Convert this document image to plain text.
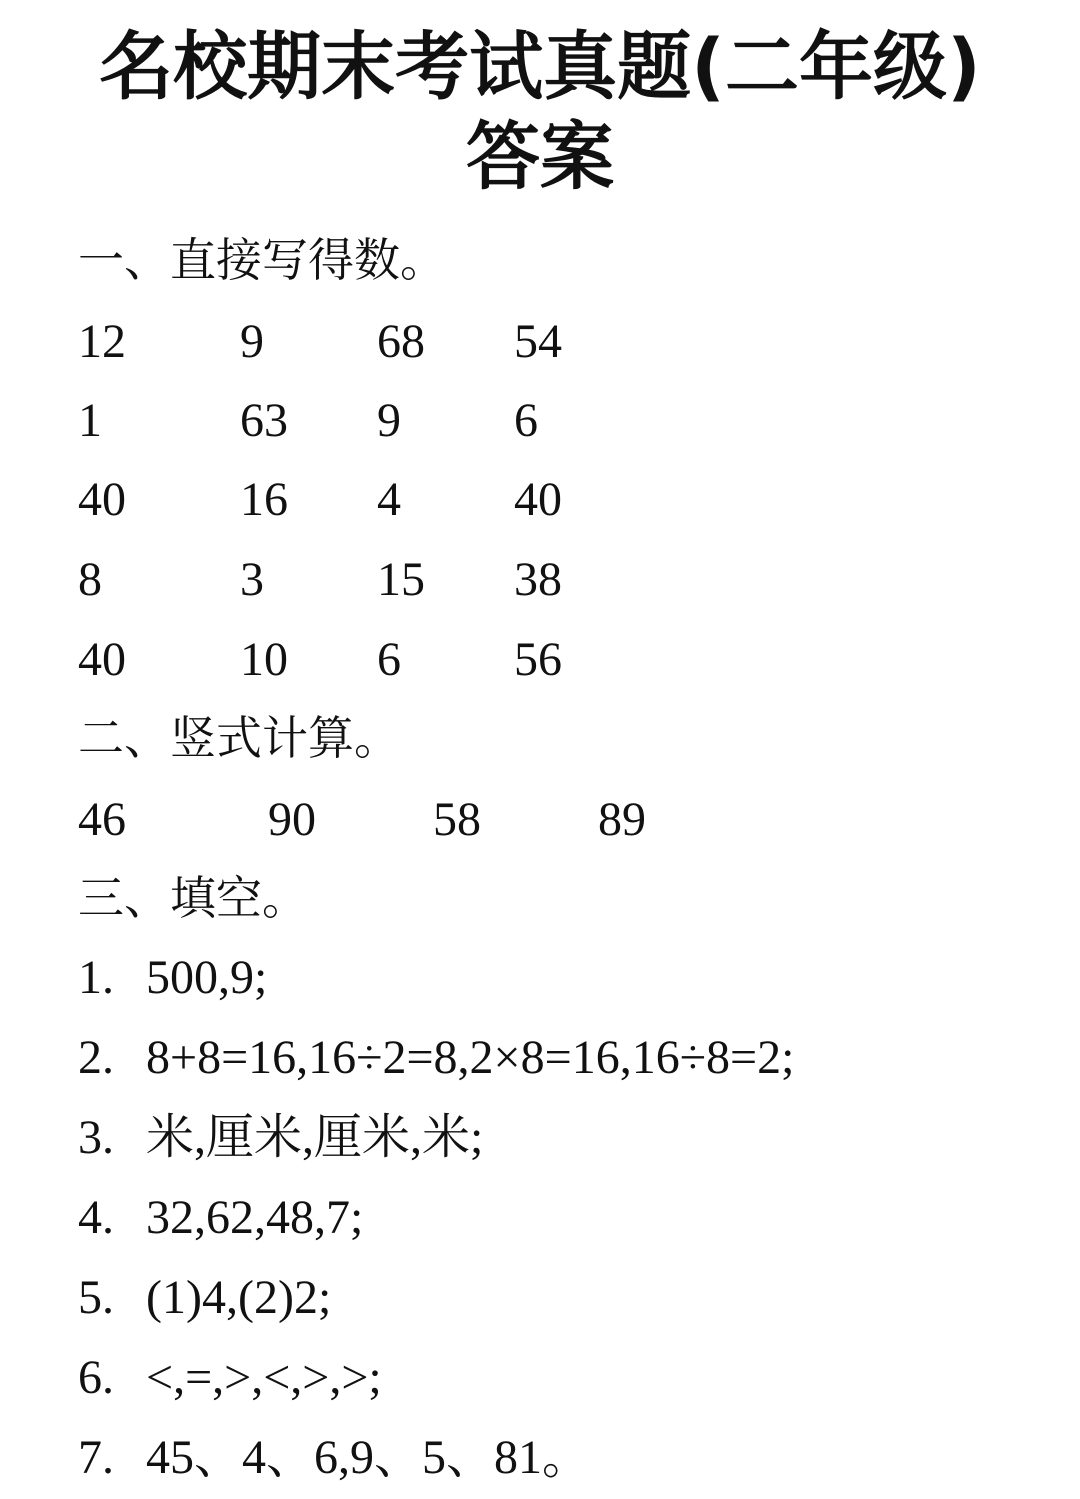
名校期末考试真题(二年级)
答案
一、直接写得数。
12 9 68 54
1	63 9 6
40 16 4 40
8	3 15 38
40 10 6 56
二、竖式计算。
46	90 58 89
三、填空。
1. 500,9;
2. 8+8=16,16÷2=8,2×8=16,16÷8=2;
3. 米,厘米,厘米,米;
4. 32,62,48,7;
5. (1)4,(2)2;
6. <,=,>,<,>,>;
7. 45、4、6,9、5、81。
